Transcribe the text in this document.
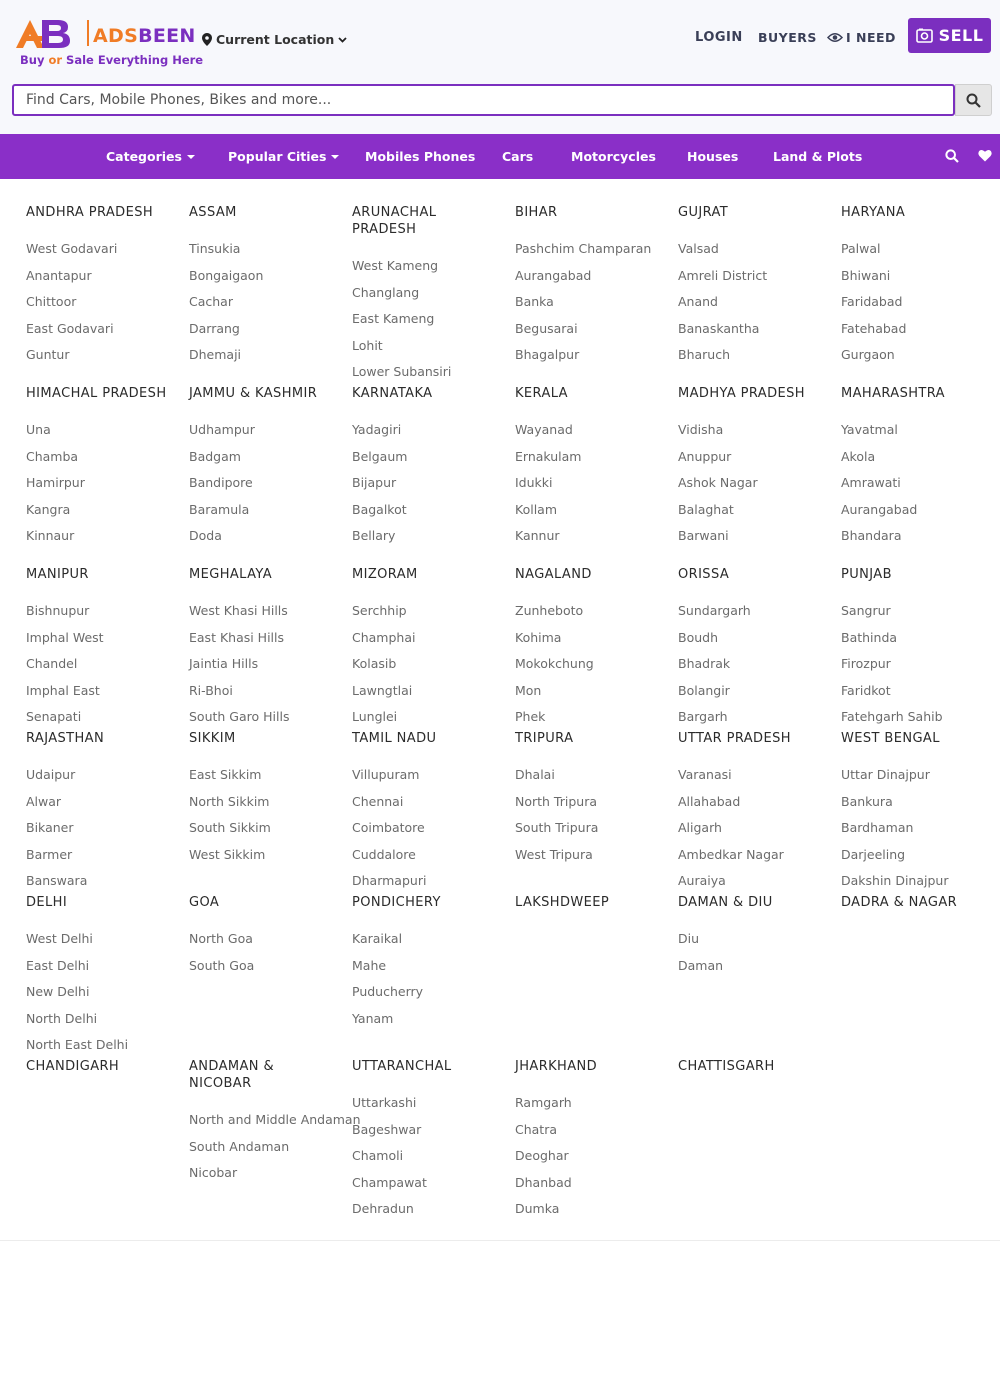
ADSBEEN
Buy or Sale Everything Here
Current Location	LOGIN BUYERS I NEED	SELL
Find Cars, Mobile Phones, Bikes and more...
Categories	Popular Cities	Mobiles Phones Cars	Motorcycles Houses	Land & Plots
ANDHRA PRADESH
West Godavari
Anantapur
Chittoor
East Godavari
Guntur
ASSAM
Tinsukia
Bongaigaon
Cachar
Darrang
Dhemaji
ARUNACHAL PRADESH
West Kameng
Changlang
East Kameng
Lohit
Lower Subansiri
BIHAR
Pashchim Champaran
Aurangabad
Banka
Begusarai
Bhagalpur
GUJRAT
Valsad
Amreli District
Anand
Banaskantha
Bharuch
HARYANA
Palwal
Bhiwani
Faridabad
Fatehabad
Gurgaon
HIMACHAL PRADESH
Una
Chamba
Hamirpur
Kangra
Kinnaur
JAMMU & KASHMIR
Udhampur
Badgam
Bandipore
Baramula
Doda
KARNATAKA
Yadagiri
Belgaum
Bijapur
Bagalkot
Bellary
KERALA
Wayanad
Ernakulam
Idukki
Kollam
Kannur
MADHYA PRADESH
Vidisha
Anuppur
Ashok Nagar
Balaghat
Barwani
MAHARASHTRA
Yavatmal
Akola
Amrawati
Aurangabad
Bhandara
MANIPUR
Bishnupur
Imphal West
Chandel
Imphal East
Senapati
MEGHALAYA
West Khasi Hills
East Khasi Hills
Jaintia Hills
Ri-Bhoi
South Garo Hills
MIZORAM
Serchhip
Champhai
Kolasib
Lawngtlai
Lunglei
NAGALAND
Zunheboto
Kohima
Mokokchung
Mon
Phek
ORISSA
Sundargarh
Boudh
Bhadrak
Bolangir
Bargarh
PUNJAB
Sangrur
Bathinda
Firozpur
Faridkot
Fatehgarh Sahib
RAJASTHAN
Udaipur
Alwar
Bikaner
Barmer
Banswara
SIKKIM
East Sikkim
North Sikkim
South Sikkim
West Sikkim
TAMIL NADU
Villupuram
Chennai
Coimbatore
Cuddalore
Dharmapuri
TRIPURA
Dhalai
North Tripura
South Tripura
West Tripura
UTTAR PRADESH
Varanasi
Allahabad
Aligarh
Ambedkar Nagar
Auraiya
WEST BENGAL
Uttar Dinajpur
Bankura
Bardhaman
Darjeeling
Dakshin Dinajpur
DELHI
West Delhi
East Delhi
New Delhi
North Delhi
North East Delhi
GOA
North Goa
South Goa
PONDICHERY
Karaikal
Mahe
Puducherry
Yanam
LAKSHDWEEP	DAMAN & DIU
Diu
Daman
DADRA & NAGAR
CHANDIGARH	ANDAMAN & NICOBAR
North and Middle Andaman
South Andaman
Nicobar
UTTARANCHAL
Uttarkashi
Bageshwar
Chamoli
Champawat
Dehradun
JHARKHAND
Ramgarh
Chatra
Deoghar
Dhanbad
Dumka
CHATTISGARH
